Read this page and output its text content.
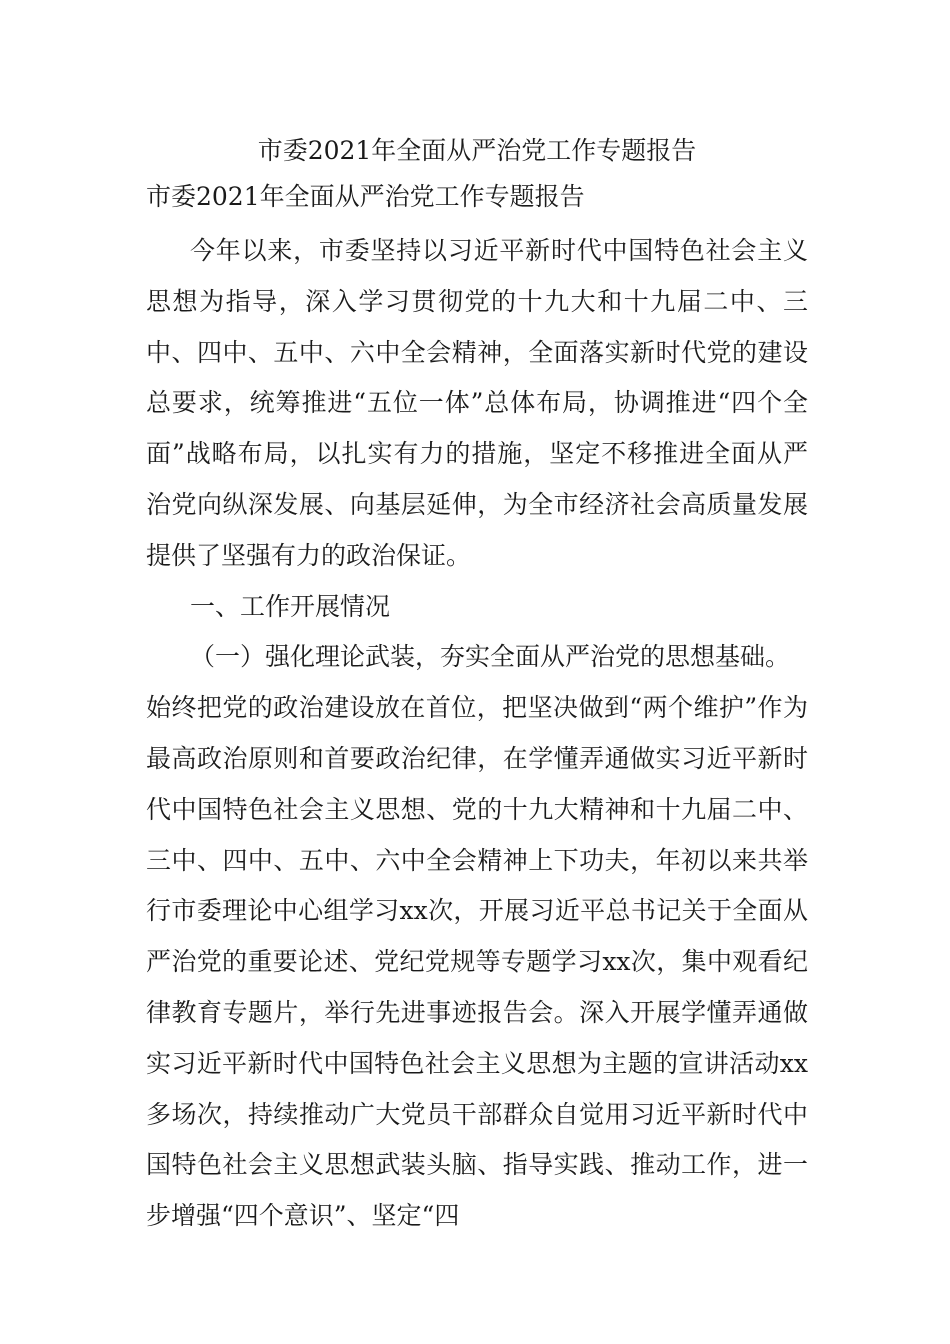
市委2021年全面从严治党工作专题报告
市委2021年全面从严治党工作专题报告

今年以来，市委坚持以习近平新时代中国特色社会主义思想为指导，深入学习贯彻党的十九大和十九届二中、三中、四中、五中、六中全会精神，全面落实新时代党的建设总要求，统筹推进“五位一体”总体布局，协调推进“四个全面”战略布局，以扎实有力的措施，坚定不移推进全面从严治党向纵深发展、向基层延伸，为全市经济社会高质量发展提供了坚强有力的政治保证。

一、工作开展情况

（一）强化理论武装，夯实全面从严治党的思想基础。

始终把党的政治建设放在首位，把坚决做到“两个维护”作为最高政治原则和首要政治纪律，在学懂弄通做实习近平新时代中国特色社会主义思想、党的十九大精神和十九届二中、三中、四中、五中、六中全会精神上下功夫，年初以来共举行市委理论中心组学习xx次，开展习近平总书记关于全面从严治党的重要论述、党纪党规等专题学习xx次，集中观看纪律教育专题片，举行先进事迹报告会。深入开展学懂弄通做实习近平新时代中国特色社会主义思想为主题的宣讲活动xx多场次，持续推动广大党员干部群众自觉用习近平新时代中国特色社会主义思想武装头脑、指导实践、推动工作，进一步增强“四个意识”、坚定“四
